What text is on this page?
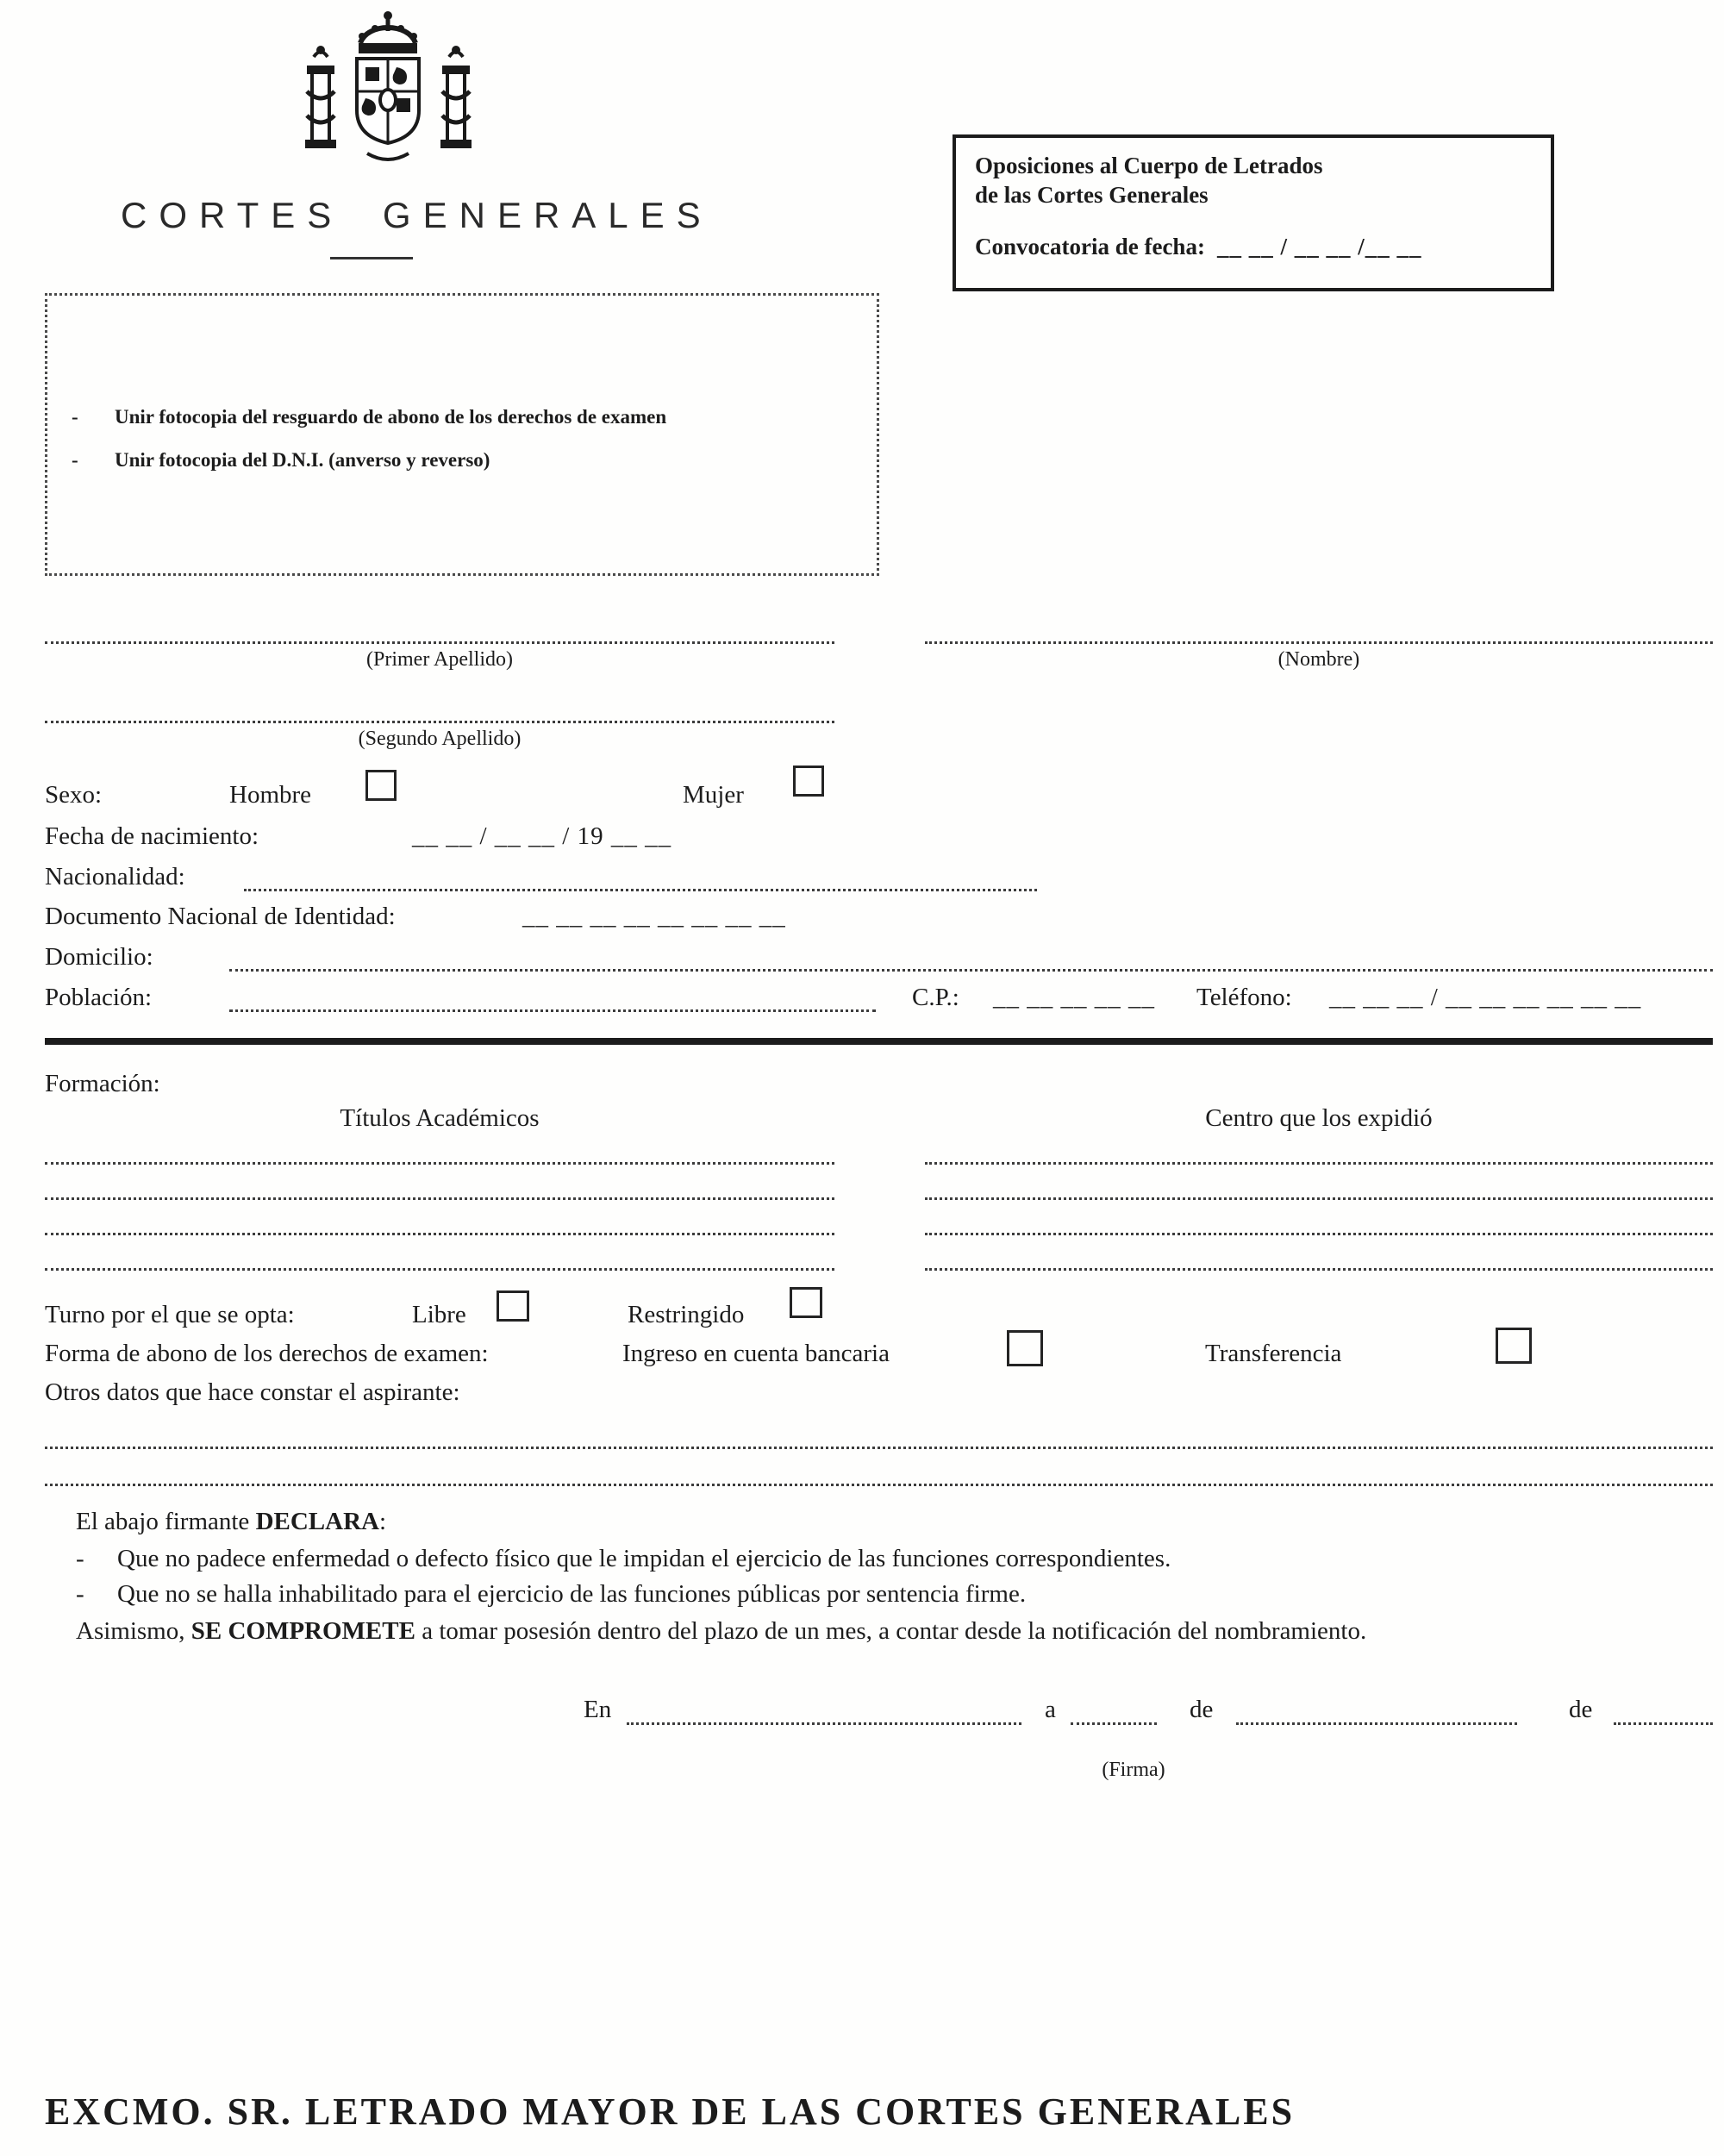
CORTES GENERALES
Oposiciones al Cuerpo de Letrados
de las Cortes Generales
Convocatoria de fecha: __ __ / __ __ /__ __
- Unir fotocopia del resguardo de abono de los derechos de examen
- Unir fotocopia del D.N.I. (anverso y reverso)
(Primer Apellido)	(Nombre)
(Segundo Apellido)
Sexo:	Hombre	Mujer
Fecha de nacimiento:	__ __ / __ __ / 19 __ __
Nacionalidad:
Documento Nacional de Identidad:	__ __ __ __ __ __ __ __
Domicilio:
Población:	C.P.: __ __ __ __ __ Teléfono: __ __ __ / __ __ __ __ __ __
Formación:
Títulos Académicos	Centro que los expidió
Turno por el que se opta:	Libre	Restringido
Forma de abono de los derechos de examen:	Ingreso en cuenta bancaria	Transferencia
Otros datos que hace constar el aspirante:
El abajo firmante DECLARA:
-	Que no padece enfermedad o defecto físico que le impidan el ejercicio de las funciones correspondientes.
-	Que no se halla inhabilitado para el ejercicio de las funciones públicas por sentencia firme.
Asimismo, SE COMPROMETE a tomar posesión dentro del plazo de un mes, a contar desde la notificación del nombramiento.
En	a	de	de
(Firma)
EXCMO. SR. LETRADO MAYOR DE LAS CORTES GENERALES
